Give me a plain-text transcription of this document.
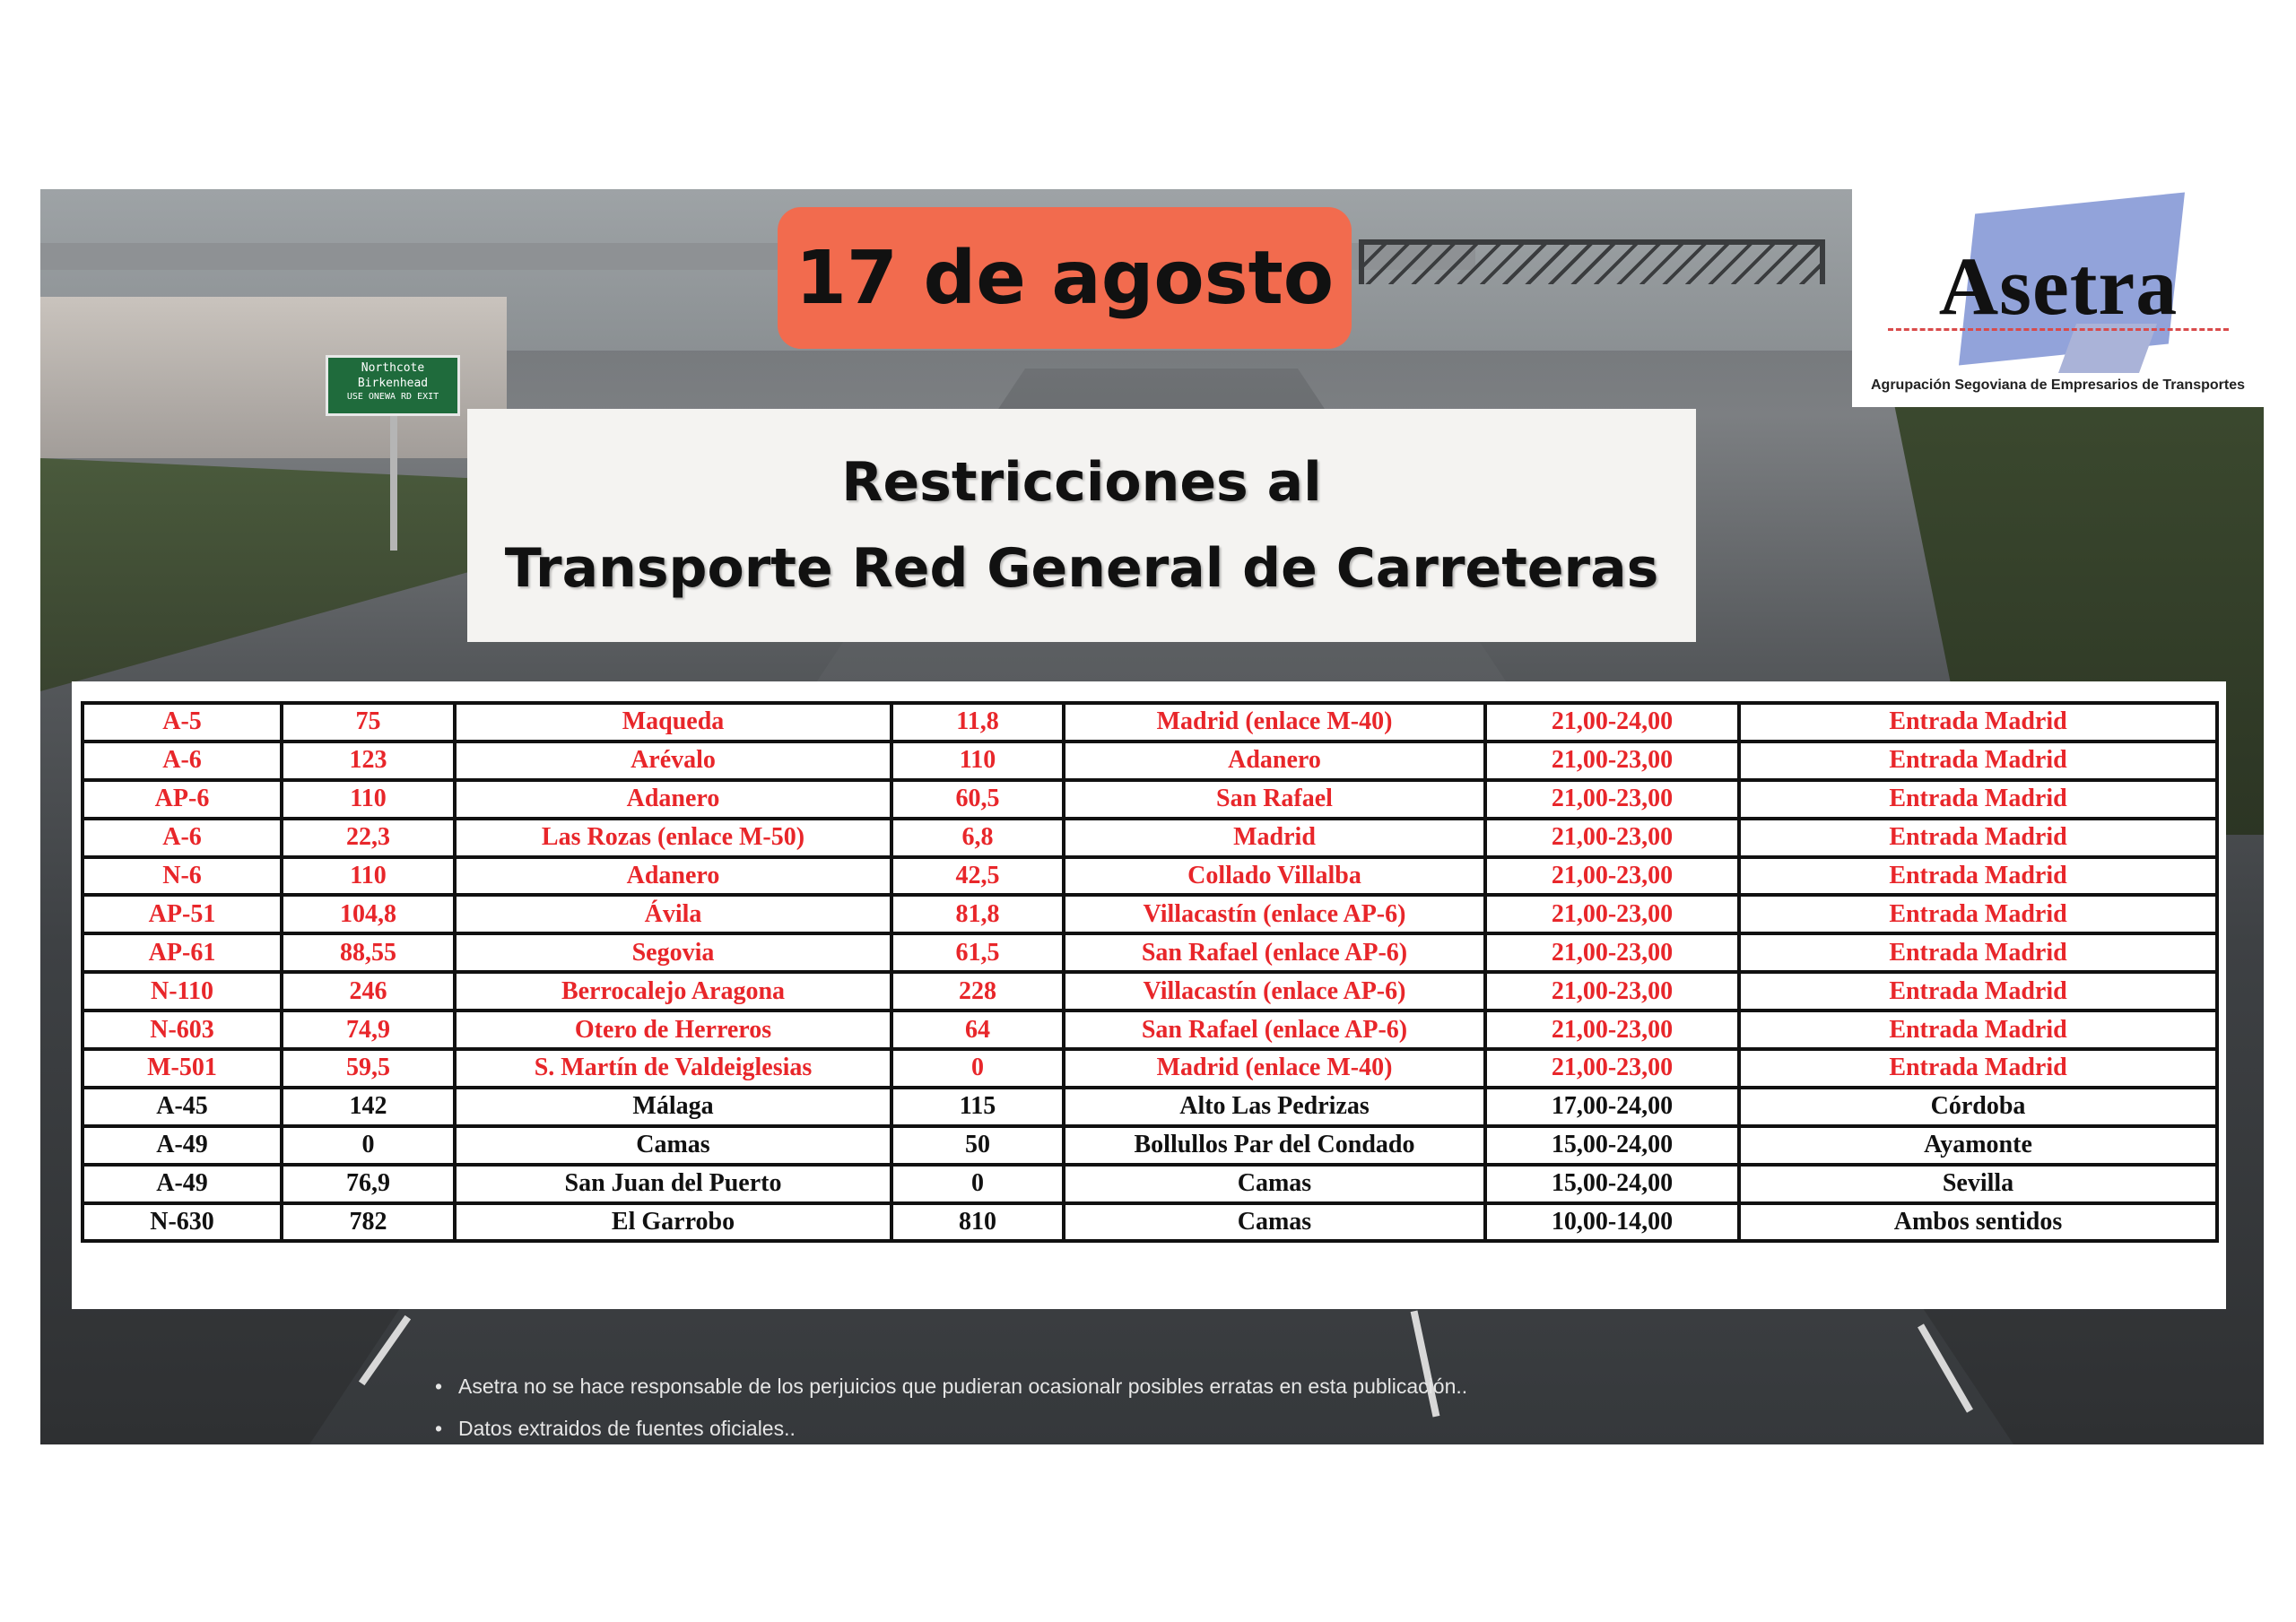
Northcote
Birkenhead
USE ONEWA RD EXIT
17 de agosto
Restricciones al
Transporte Red General de Carreteras
Asetra
Agrupación Segoviana de Empresarios de Transportes
A-5	75	Maqueda	11,8	Madrid (enlace M-40)	21,00-24,00	Entrada Madrid
A-6	123	Arévalo	110	Adanero	21,00-23,00	Entrada Madrid
AP-6	110	Adanero	60,5	San Rafael	21,00-23,00	Entrada Madrid
A-6	22,3	Las Rozas (enlace M-50)	6,8	Madrid	21,00-23,00	Entrada Madrid
N-6	110	Adanero	42,5	Collado Villalba	21,00-23,00	Entrada Madrid
AP-51	104,8	Ávila	81,8	Villacastín (enlace AP-6)	21,00-23,00	Entrada Madrid
AP-61	88,55	Segovia	61,5	San Rafael (enlace AP-6)	21,00-23,00	Entrada Madrid
N-110	246	Berrocalejo Aragona	228	Villacastín (enlace AP-6)	21,00-23,00	Entrada Madrid
N-603	74,9	Otero de Herreros	64	San Rafael (enlace AP-6)	21,00-23,00	Entrada Madrid
M-501	59,5	S. Martín de Valdeiglesias	0	Madrid (enlace M-40)	21,00-23,00	Entrada Madrid
A-45	142	Málaga	115	Alto Las Pedrizas	17,00-24,00	Córdoba
A-49	0	Camas	50	Bollullos Par del Condado	15,00-24,00	Ayamonte
A-49	76,9	San Juan del Puerto	0	Camas	15,00-24,00	Sevilla
N-630	782	El Garrobo	810	Camas	10,00-14,00	Ambos sentidos
• Asetra no se hace responsable de los perjuicios que pudieran ocasionalr posibles erratas en esta publicación..
• Datos extraidos de fuentes oficiales..
